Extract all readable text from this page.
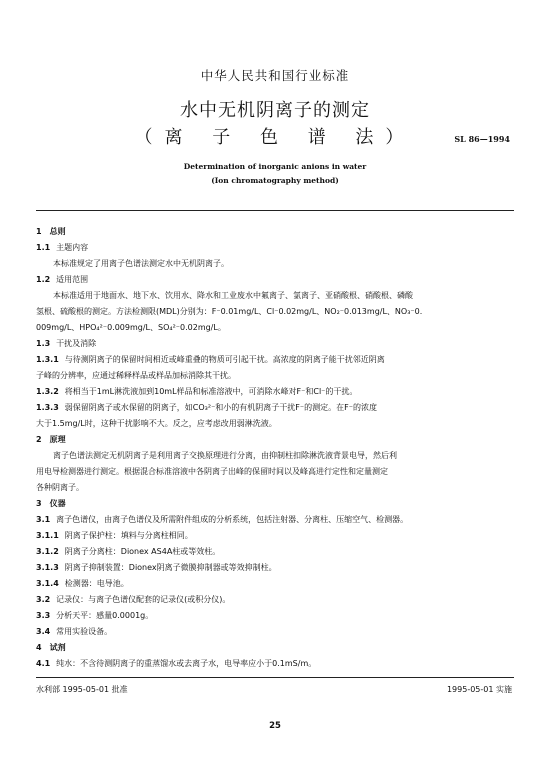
中华人民共和国行业标准
水中无机阴离子的测定
（离 子 色 谱 法）	SL 86—1994
Determination of inorganic anions in water
(Ion chromatography method)
1 总则
1.1 主题内容
本标准规定了用离子色谱法测定水中无机阴离子。
1.2 适用范围
本标准适用于地面水、地下水、饮用水、降水和工业废水中氟离子、氯离子、亚硝酸根、硝酸根、磷酸
氢根、硫酸根的测定。方法检测限(MDL)分别为：F⁻0.01mg/L、Cl⁻0.02mg/L、NO₂⁻0.013mg/L、NO₃⁻0.
009mg/L、HPO₄²⁻0.009mg/L、SO₄²⁻0.02mg/L。
1.3 干扰及消除
1.3.1 与待测阴离子的保留时间相近或峰重叠的物质可引起干扰。高浓度的阴离子能干扰邻近阴离
子峰的分辨率，应通过稀释样品或样品加标消除其干扰。
1.3.2 将相当于1mL淋洗液加到10mL样品和标准溶液中，可消除水峰对F⁻和Cl⁻的干扰。
1.3.3 弱保留阴离子或水保留的阴离子，如CO₃²⁻和小的有机阴离子干扰F⁻的测定。在F⁻的浓度
大于1.5mg/L时，这种干扰影响不大。反之，应考虑改用弱淋洗液。
2 原理
离子色谱法测定无机阴离子是利用离子交换原理进行分离，由抑制柱扣除淋洗液背景电导，然后利
用电导检测器进行测定。根据混合标准溶液中各阴离子出峰的保留时间以及峰高进行定性和定量测定
各种阴离子。
3 仪器
3.1 离子色谱仪，由离子色谱仪及所需附件组成的分析系统，包括注射器、分离柱、压缩空气、检测器。
3.1.1 阴离子保护柱：填料与分离柱相同。
3.1.2 阴离子分离柱：Dionex AS4A柱或等效柱。
3.1.3 阴离子抑制装置：Dionex阴离子微膜抑制器或等效抑制柱。
3.1.4 检测器：电导池。
3.2 记录仪：与离子色谱仪配套的记录仪(或积分仪)。
3.3 分析天平：感量0.0001g。
3.4 常用实验设备。
4 试剂
4.1 纯水：不含待测阴离子的重蒸馏水或去离子水，电导率应小于0.1mS/m。
水利部 1995-05-01 批准	1995-05-01 实施
25
